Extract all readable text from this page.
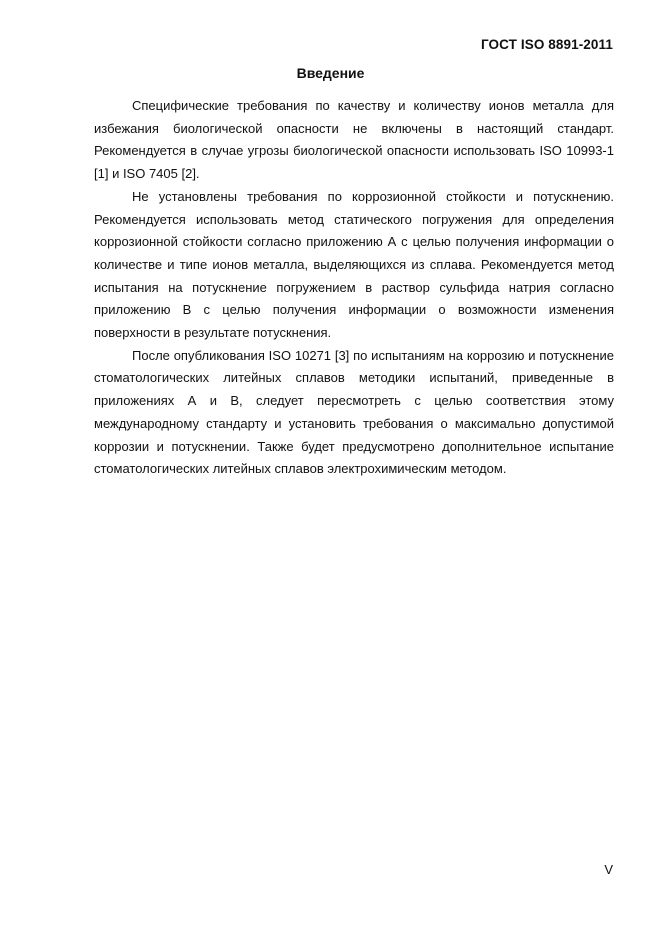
ГОСТ ISO 8891-2011
Введение

Специфические требования по качеству и количеству ионов металла для избежания биологической опасности не включены в настоящий стандарт. Рекомендуется в случае угрозы биологической опасности использовать ISO 10993-1 [1] и ISO 7405 [2].

Не установлены требования по коррозионной стойкости и потускнению. Рекомендуется использовать метод статического погружения для определения коррозионной стойкости согласно приложению А с целью получения информации о количестве и типе ионов металла, выделяющихся из сплава. Рекомендуется метод испытания на потускнение погружением в раствор сульфида натрия согласно приложению В с целью получения информации о возможности изменения поверхности в результате потускнения.

После опубликования ISO 10271 [3] по испытаниям на коррозию и потускнение стоматологических литейных сплавов методики испытаний, приведенные в приложениях А и В, следует пересмотреть с целью соответствия этому международному стандарту и установить требования о максимально допустимой коррозии и потускнении. Также будет предусмотрено дополнительное испытание стоматологических литейных сплавов электрохимическим методом.

V
